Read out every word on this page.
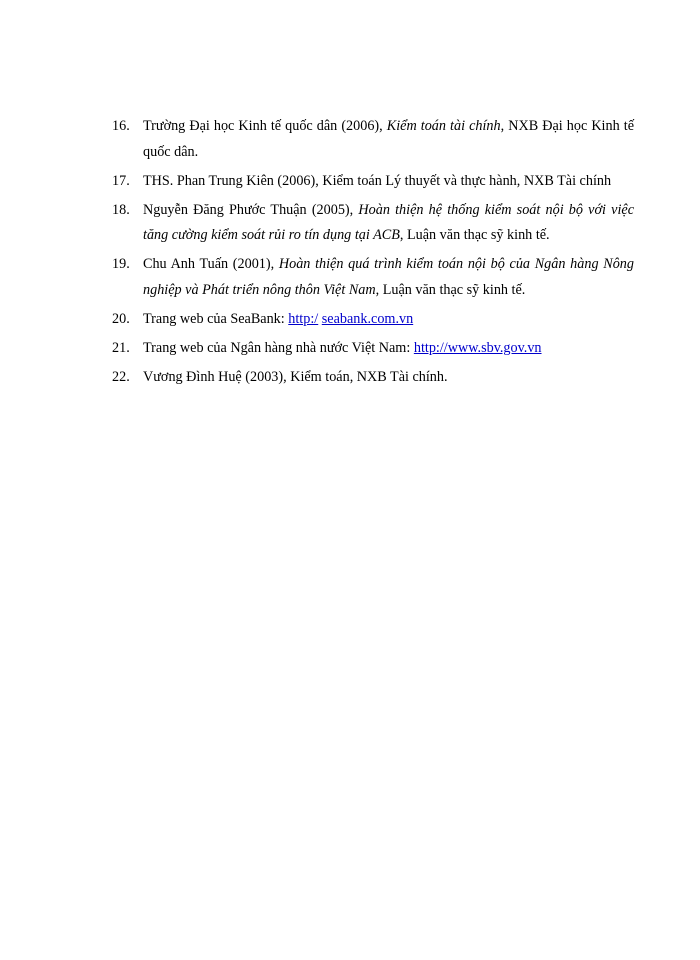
16. Trường Đại học Kinh tế quốc dân (2006), Kiểm toán tài chính, NXB Đại học Kinh tế quốc dân.
17. THS. Phan Trung Kiên (2006), Kiểm toán Lý thuyết và thực hành, NXB Tài chính
18. Nguyễn Đăng Phước Thuận (2005), Hoàn thiện hệ thống kiểm soát nội bộ với việc tăng cường kiểm soát rủi ro tín dụng tại ACB, Luận văn thạc sỹ kinh tế.
19. Chu Anh Tuấn (2001), Hoàn thiện quá trình kiểm toán nội bộ của Ngân hàng Nông nghiệp và Phát triển nông thôn Việt Nam, Luận văn thạc sỹ kinh tế.
20. Trang web của SeaBank: http:/ seabank.com.vn
21. Trang web của Ngân hàng nhà nước Việt Nam: http://www.sbv.gov.vn
22. Vương Đình Huệ (2003), Kiểm toán, NXB Tài chính.
